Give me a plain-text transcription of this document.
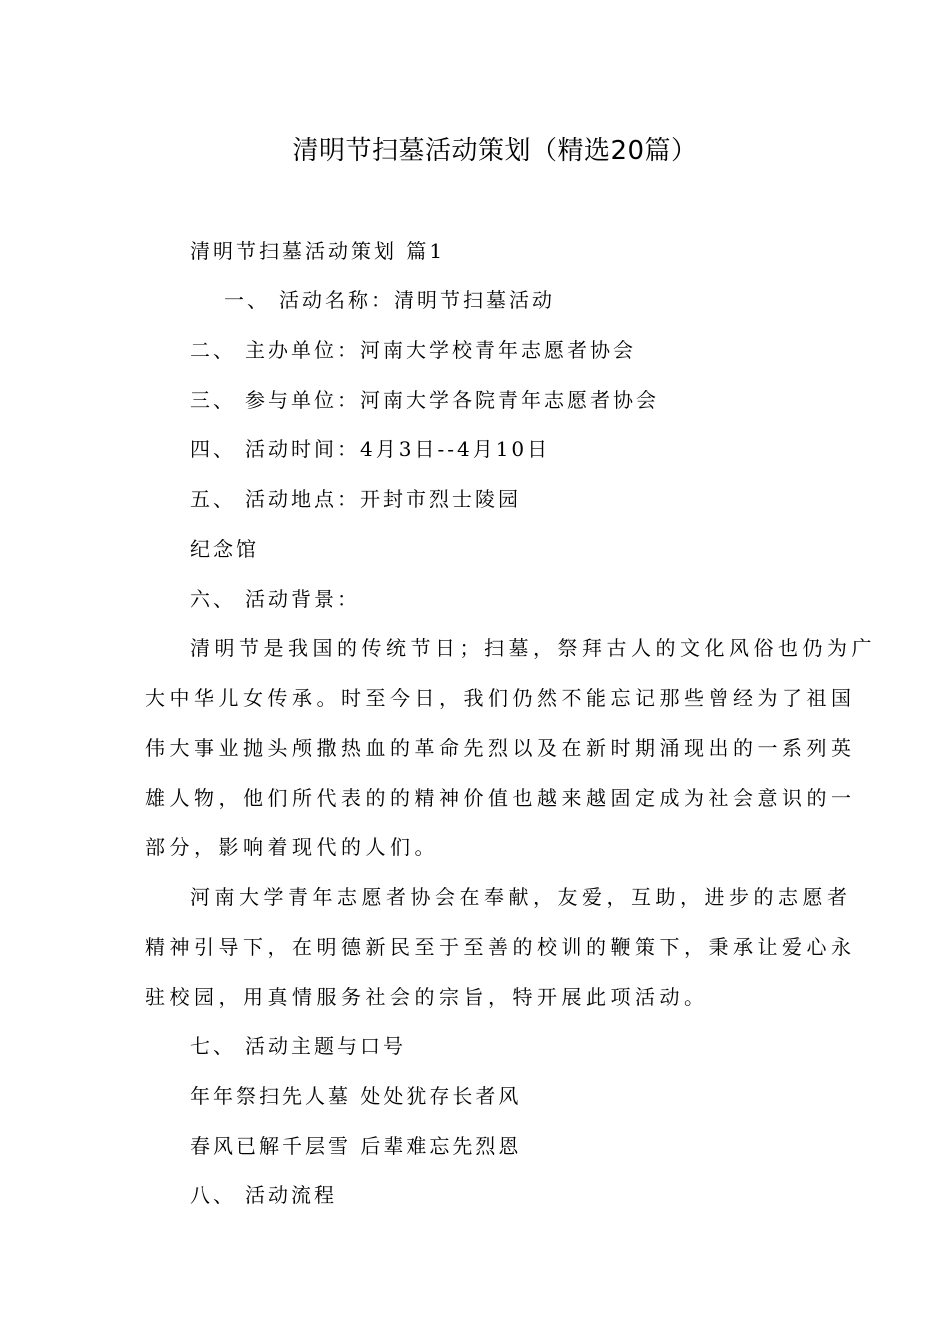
清明节扫墓活动策划（精选20篇）
清明节扫墓活动策划 篇1
一、 活动名称：清明节扫墓活动
二、 主办单位：河南大学校青年志愿者协会
三、 参与单位：河南大学各院青年志愿者协会
四、 活动时间：4月3日--4月10日
五、 活动地点：开封市烈士陵园
纪念馆
六、 活动背景：
清明节是我国的传统节日；扫墓，祭拜古人的文化风俗也仍为广
大中华儿女传承。时至今日，我们仍然不能忘记那些曾经为了祖国
伟大事业抛头颅撒热血的革命先烈以及在新时期涌现出的一系列英
雄人物，他们所代表的的精神价值也越来越固定成为社会意识的一
部分，影响着现代的人们。
河南大学青年志愿者协会在奉献，友爱，互助，进步的志愿者
精神引导下，在明德新民至于至善的校训的鞭策下，秉承让爱心永
驻校园，用真情服务社会的宗旨，特开展此项活动。
七、 活动主题与口号
年年祭扫先人墓 处处犹存长者风
春风已解千层雪 后辈难忘先烈恩
八、 活动流程
